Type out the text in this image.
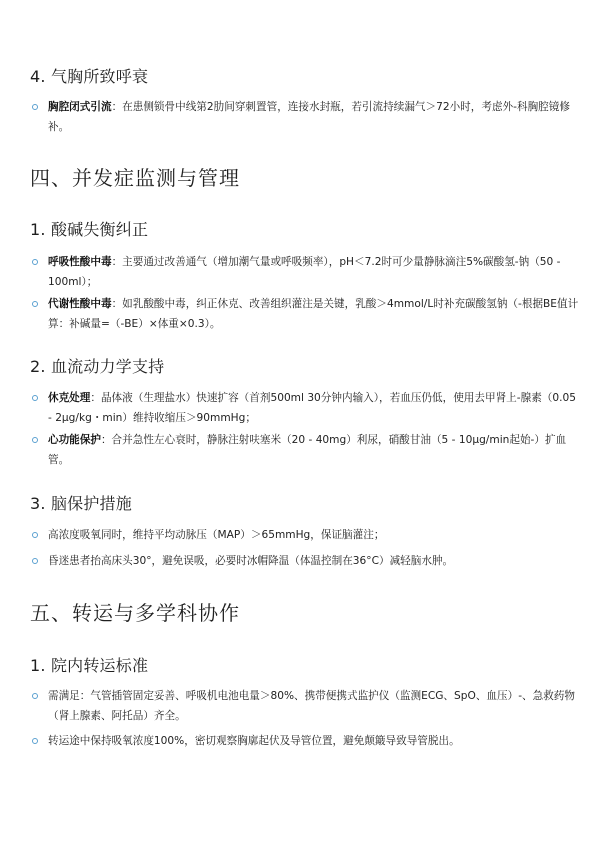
4. 气胸所致呼衰
胸腔闭式引流：在患侧锁骨中线第2肋间穿刺置管，连接水封瓶，若引流持续漏气＞72小时，考虑外-科胸腔镜修补。
四、并发症监测与管理
1. 酸碱失衡纠正
呼吸性酸中毒：主要通过改善通气（增加潮气量或呼吸频率），pH＜7.2时可少量静脉滴注5%碳酸氢-钠（50 - 100ml）；
代谢性酸中毒：如乳酸酸中毒，纠正休克、改善组织灌注是关键，乳酸＞4mmol/L时补充碳酸氢钠（-根据BE值计算：补碱量=（-BE）×体重×0.3）。
2. 血流动力学支持
休克处理：晶体液（生理盐水）快速扩容（首剂500ml 30分钟内输入），若血压仍低，使用去甲肾上-腺素（0.05 - 2μg/kg・min）维持收缩压＞90mmHg；
心功能保护：合并急性左心衰时，静脉注射呋塞米（20 - 40mg）利尿，硝酸甘油（5 - 10μg/min起始-）扩血管。
3. 脑保护措施
高浓度吸氧同时，维持平均动脉压（MAP）＞65mmHg，保证脑灌注；
昏迷患者抬高床头30°，避免误吸，必要时冰帽降温（体温控制在36°C）减轻脑水肿。
五、转运与多学科协作
1. 院内转运标准
需满足：气管插管固定妥善、呼吸机电池电量＞80%、携带便携式监护仪（监测ECG、SpO、血压）-、急救药物（肾上腺素、阿托品）齐全。
转运途中保持吸氧浓度100%，密切观察胸廓起伏及导管位置，避免颠簸导致导管脱出。
